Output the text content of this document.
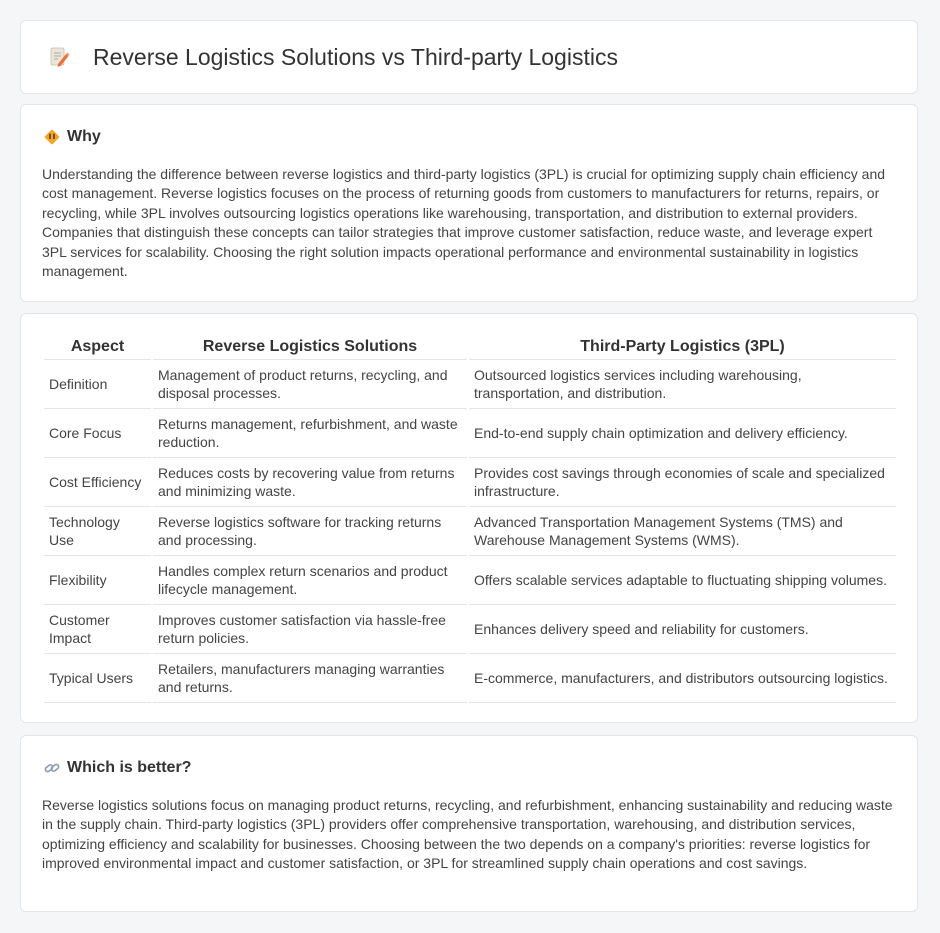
Reverse Logistics Solutions vs Third-party Logistics
Why

Understanding the difference between reverse logistics and third-party logistics (3PL) is crucial for optimizing supply chain efficiency and cost management. Reverse logistics focuses on the process of returning goods from customers to manufacturers for returns, repairs, or recycling, while 3PL involves outsourcing logistics operations like warehousing, transportation, and distribution to external providers. Companies that distinguish these concepts can tailor strategies that improve customer satisfaction, reduce waste, and leverage expert 3PL services for scalability. Choosing the right solution impacts operational performance and environmental sustainability in logistics management.

Aspect	Reverse Logistics Solutions	Third-Party Logistics (3PL)
Definition	Management of product returns, recycling, and disposal processes.	Outsourced logistics services including warehousing, transportation, and distribution.
Core Focus	Returns management, refurbishment, and waste reduction.	End-to-end supply chain optimization and delivery efficiency.
Cost Efficiency	Reduces costs by recovering value from returns and minimizing waste.	Provides cost savings through economies of scale and specialized infrastructure.
Technology Use	Reverse logistics software for tracking returns and processing.	Advanced Transportation Management Systems (TMS) and Warehouse Management Systems (WMS).
Flexibility	Handles complex return scenarios and product lifecycle management.	Offers scalable services adaptable to fluctuating shipping volumes.
Customer Impact	Improves customer satisfaction via hassle-free return policies.	Enhances delivery speed and reliability for customers.
Typical Users	Retailers, manufacturers managing warranties and returns.	E-commerce, manufacturers, and distributors outsourcing logistics.
Which is better?

Reverse logistics solutions focus on managing product returns, recycling, and refurbishment, enhancing sustainability and reducing waste in the supply chain. Third-party logistics (3PL) providers offer comprehensive transportation, warehousing, and distribution services, optimizing efficiency and scalability for businesses. Choosing between the two depends on a company's priorities: reverse logistics for improved environmental impact and customer satisfaction, or 3PL for streamlined supply chain operations and cost savings.
